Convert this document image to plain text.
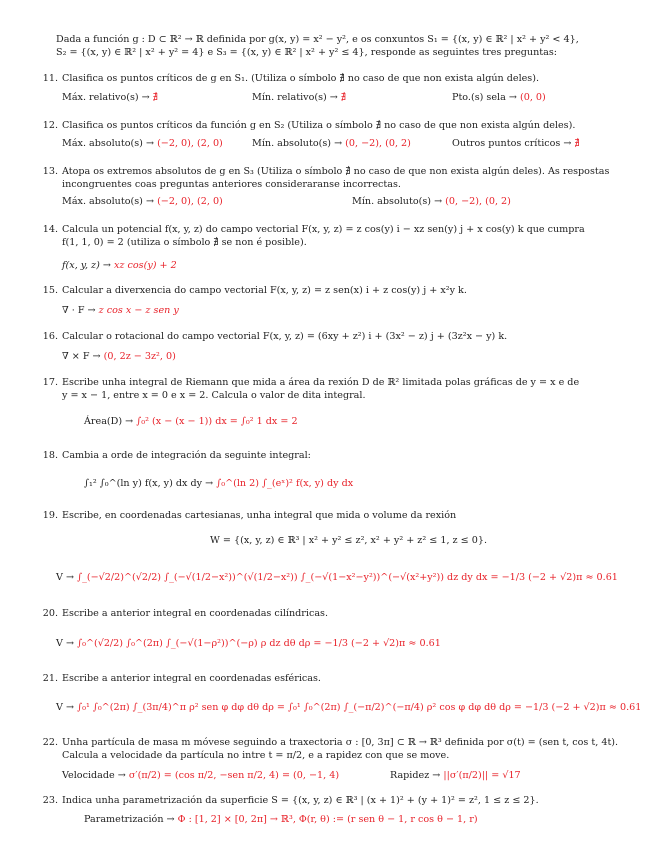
Dada a función g : D ⊂ ℝ² → ℝ definida por g(x, y) = x² − y², e os conxuntos S₁ = {(x, y) ∈ ℝ² | x² + y² < 4},
S₂ = {(x, y) ∈ ℝ² | x² + y² = 4} e S₃ = {(x, y) ∈ ℝ² | x² + y² ≤ 4}, responde as seguintes tres preguntas:
11. Clasifica os puntos críticos de g en S₁. (Utiliza o símbolo ∄ no caso de que non exista algún deles).
Máx. relativo(s) → ∄	Mín. relativo(s) → ∄	Pto.(s) sela → (0, 0)
12. Clasifica os puntos críticos da función g en S₂ (Utiliza o símbolo ∄ no caso de que non exista algún deles).
Máx. absoluto(s) → (−2, 0), (2, 0)	Mín. absoluto(s) → (0, −2), (0, 2)	Outros puntos críticos → ∄
13. Atopa os extremos absolutos de g en S₃ (Utiliza o símbolo ∄ no caso de que non exista algún deles). As respostas
incongruentes coas preguntas anteriores consideraranse incorrectas.
Máx. absoluto(s) → (−2, 0), (2, 0)	Mín. absoluto(s) → (0, −2), (0, 2)
14. Calcula un potencial f(x, y, z) do campo vectorial F(x, y, z) = z cos(y) i − xz sen(y) j + x cos(y) k que cumpra
f(1, 1, 0) = 2 (utiliza o símbolo ∄ se non é posible).
f(x, y, z) → xz cos(y) + 2
15. Calcular a diverxencia do campo vectorial F(x, y, z) = z sen(x) i + z cos(y) j + x²y k.
∇ · F → z cos x − z sen y
16. Calcular o rotacional do campo vectorial F(x, y, z) = (6xy + z²) i + (3x² − z) j + (3z²x − y) k.
∇ × F → (0, 2z − 3z², 0)
17. Escribe unha integral de Riemann que mida a área da rexión D de ℝ² limitada polas gráficas de y = x e de
y = x − 1, entre x = 0 e x = 2. Calcula o valor de dita integral.
Área(D) → ∫₀² (x − (x − 1)) dx = ∫₀² 1 dx = 2
18. Cambia a orde de integración da seguinte integral:
∫₁² ∫₀^(ln y) f(x, y) dx dy → ∫₀^(ln 2) ∫_(eˣ)² f(x, y) dy dx
19. Escribe, en coordenadas cartesianas, unha integral que mida o volume da rexión
W = {(x, y, z) ∈ ℝ³ | x² + y² ≤ z², x² + y² + z² ≤ 1, z ≤ 0}.
V → ∫_(−√2/2)^(√2/2) ∫_(−√(1/2−x²))^(√(1/2−x²)) ∫_(−√(1−x²−y²))^(−√(x²+y²)) dz dy dx = −1/3 (−2 + √2)π ≈ 0.61
20. Escribe a anterior integral en coordenadas cilíndricas.
V → ∫₀^(√2/2) ∫₀^(2π) ∫_(−√(1−ρ²))^(−ρ) ρ dz dθ dρ = −1/3 (−2 + √2)π ≈ 0.61
21. Escribe a anterior integral en coordenadas esféricas.
V → ∫₀¹ ∫₀^(2π) ∫_(3π/4)^π ρ² sen φ dφ dθ dρ = ∫₀¹ ∫₀^(2π) ∫_(−π/2)^(−π/4) ρ² cos φ dφ dθ dρ = −1/3 (−2 + √2)π ≈ 0.61
22. Unha partícula de masa m móvese seguindo a traxectoria σ : [0, 3π] ⊂ ℝ → ℝ³ definida por σ(t) = (sen t, cos t, 4t).
Calcula a velocidade da partícula no intre t = π/2, e a rapidez con que se move.
Velocidade → σ′(π/2) = (cos π/2, −sen π/2, 4) = (0, −1, 4)	Rapidez → ||σ′(π/2)|| = √17
23. Indica unha parametrización da superficie S = {(x, y, z) ∈ ℝ³ | (x + 1)² + (y + 1)² = z², 1 ≤ z ≤ 2}.
Parametrización → Φ : [1, 2] × [0, 2π] → ℝ³, Φ(r, θ) := (r sen θ − 1, r cos θ − 1, r)
